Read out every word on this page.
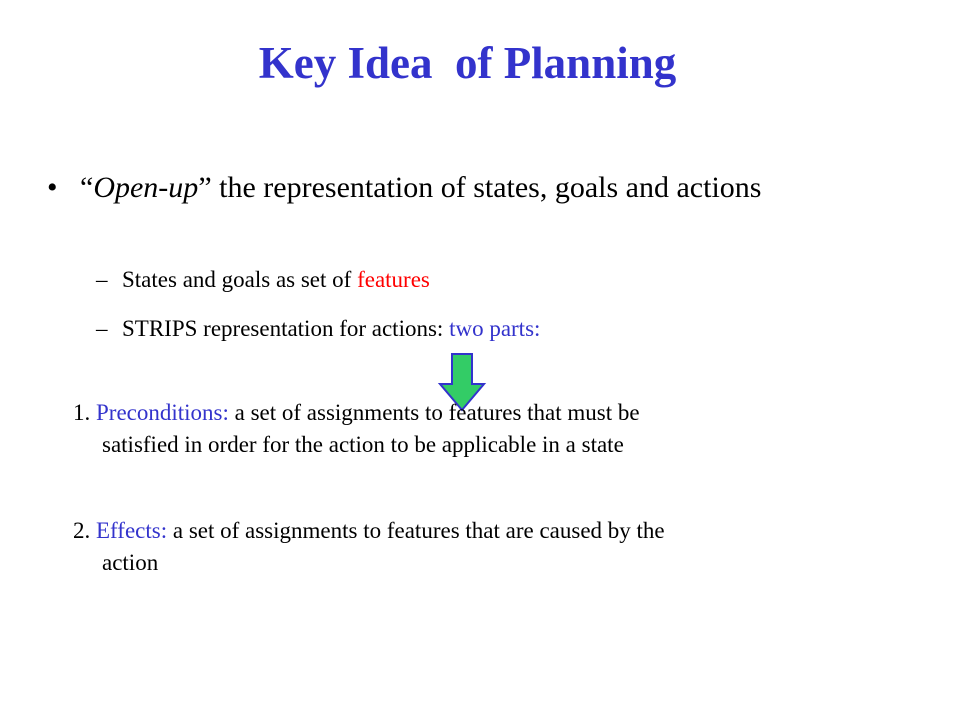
Key Idea  of Planning
• “Open-up” the representation of states, goals and actions
– States and goals as set of features
– STRIPS representation for actions: two parts:
1. Preconditions: a set of assignments to features that must be
satisfied in order for the action to be applicable in a state
2. Effects: a set of assignments to features that are caused by the
action
